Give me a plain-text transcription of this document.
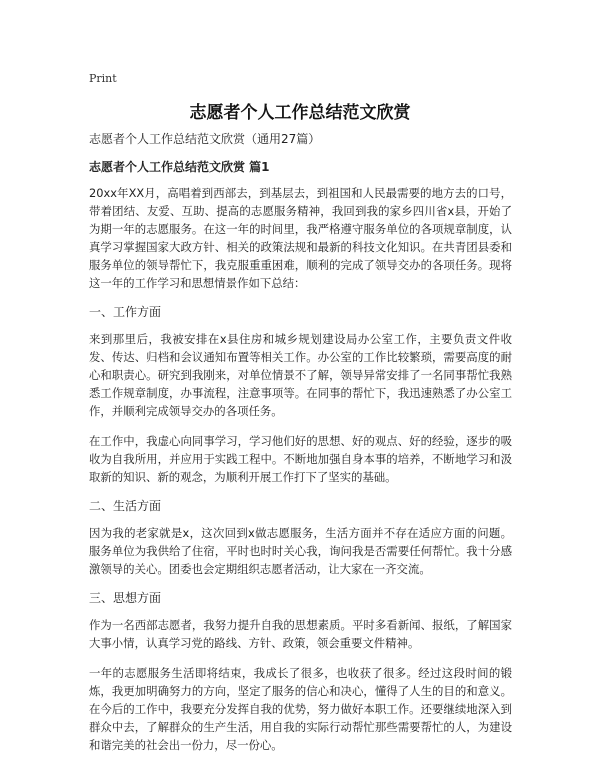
Print
志愿者个人工作总结范文欣赏

志愿者个人工作总结范文欣赏（通用27篇）

志愿者个人工作总结范文欣赏 篇1

20xx年XX月，高唱着到西部去，到基层去，到祖国和人民最需要的地方去的口号，带着团结、友爱、互助、提高的志愿服务精神，我回到我的家乡四川省x县，开始了为期一年的志愿服务。在这一年的时间里，我严格遵守服务单位的各项规章制度，认真学习掌握国家大政方针、相关的政策法规和最新的科技文化知识。在共青团县委和服务单位的领导帮忙下，我克服重重困难，顺利的完成了领导交办的各项任务。现将这一年的工作学习和思想情景作如下总结：

一、工作方面

来到那里后，我被安排在x县住房和城乡规划建设局办公室工作，主要负责文件收发、传达、归档和会议通知布置等相关工作。办公室的工作比较繁琐，需要高度的耐心和职责心。研究到我刚来，对单位情景不了解，领导异常安排了一名同事帮忙我熟悉工作规章制度，办事流程，注意事项等。在同事的帮忙下，我迅速熟悉了办公室工作，并顺利完成领导交办的各项任务。

在工作中，我虚心向同事学习，学习他们好的思想、好的观点、好的经验，逐步的吸收为自我所用，并应用于实践工程中。不断地加强自身本事的培养，不断地学习和汲取新的知识、新的观念，为顺利开展工作打下了坚实的基础。

二、生活方面

因为我的老家就是x，这次回到x做志愿服务，生活方面并不存在适应方面的问题。服务单位为我供给了住宿，平时也时时关心我，询问我是否需要任何帮忙。我十分感激领导的关心。团委也会定期组织志愿者活动，让大家在一齐交流。

三、思想方面

作为一名西部志愿者，我努力提升自我的思想素质。平时多看新闻、报纸，了解国家大事小情，认真学习党的路线、方针、政策，领会重要文件精神。

一年的志愿服务生活即将结束，我成长了很多，也收获了很多。经过这段时间的锻炼，我更加明确努力的方向，坚定了服务的信心和决心，懂得了人生的目的和意义。在今后的工作中，我要充分发挥自我的优势，努力做好本职工作。还要继续地深入到群众中去，了解群众的生产生活，用自我的实际行动帮忙那些需要帮忙的人，为建设和谐完美的社会出一份力，尽一份心。
